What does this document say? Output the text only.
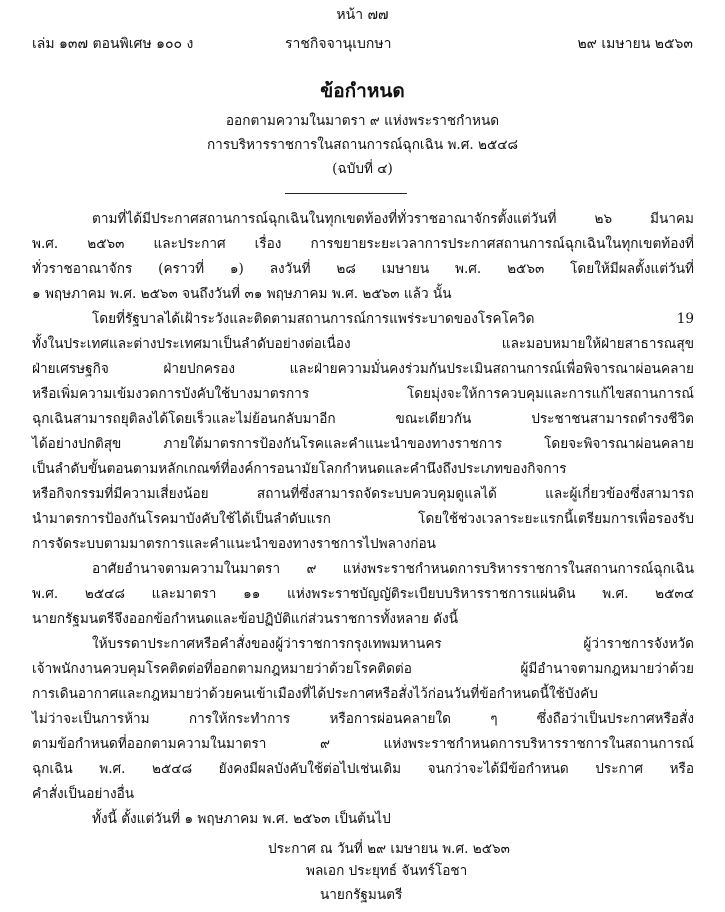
หน้า ๗๗
เล่ม ๑๓๗ ตอนพิเศษ ๑๐๐ ง	ราชกิจจานุเบกษา	๒๙ เมษายน ๒๕๖๓
ข้อกำหนด
ออกตามความในมาตรา ๙ แห่งพระราชกำหนด
การบริหารราชการในสถานการณ์ฉุกเฉิน พ.ศ. ๒๕๔๘
(ฉบับที่ ๔)
ตามที่ได้มีประกาศสถานการณ์ฉุกเฉินในทุกเขตท้องที่ทั่วราชอาณาจักรตั้งแต่วันที่ ๒๖ มีนาคม
พ.ศ. ๒๕๖๓ และประกาศ เรื่อง การขยายระยะเวลาการประกาศสถานการณ์ฉุกเฉินในทุกเขตท้องที่
ทั่วราชอาณาจักร (คราวที่ ๑) ลงวันที่ ๒๘ เมษายน พ.ศ. ๒๕๖๓ โดยให้มีผลตั้งแต่วันที่
๑ พฤษภาคม พ.ศ. ๒๕๖๓ จนถึงวันที่ ๓๑ พฤษภาคม พ.ศ. ๒๕๖๓ แล้ว นั้น
โดยที่รัฐบาลได้เฝ้าระวังและติดตามสถานการณ์การแพร่ระบาดของโรคโควิด 19
ทั้งในประเทศและต่างประเทศมาเป็นลำดับอย่างต่อเนื่อง และมอบหมายให้ฝ่ายสาธารณสุข
ฝ่ายเศรษฐกิจ ฝ่ายปกครอง และฝ่ายความมั่นคงร่วมกันประเมินสถานการณ์เพื่อพิจารณาผ่อนคลาย
หรือเพิ่มความเข้มงวดการบังคับใช้บางมาตรการ โดยมุ่งจะให้การควบคุมและการแก้ไขสถานการณ์
ฉุกเฉินสามารถยุติลงได้โดยเร็วและไม่ย้อนกลับมาอีก ขณะเดียวกัน ประชาชนสามารถดำรงชีวิต
ได้อย่างปกติสุข ภายใต้มาตรการป้องกันโรคและคำแนะนำของทางราชการ โดยจะพิจารณาผ่อนคลาย
เป็นลำดับขั้นตอนตามหลักเกณฑ์ที่องค์การอนามัยโลกกำหนดและคำนึงถึงประเภทของกิจการ
หรือกิจกรรมที่มีความเสี่ยงน้อย สถานที่ซึ่งสามารถจัดระบบควบคุมดูแลได้ และผู้เกี่ยวข้องซึ่งสามารถ
นำมาตรการป้องกันโรคมาบังคับใช้ได้เป็นลำดับแรก โดยใช้ช่วงเวลาระยะแรกนี้เตรียมการเพื่อรองรับ
การจัดระบบตามมาตรการและคำแนะนำของทางราชการไปพลางก่อน
อาศัยอำนาจตามความในมาตรา ๙ แห่งพระราชกำหนดการบริหารราชการในสถานการณ์ฉุกเฉิน
พ.ศ. ๒๕๔๘ และมาตรา ๑๑ แห่งพระราชบัญญัติระเบียบบริหารราชการแผ่นดิน พ.ศ. ๒๕๓๔
นายกรัฐมนตรีจึงออกข้อกำหนดและข้อปฏิบัติแก่ส่วนราชการทั้งหลาย ดังนี้
ให้บรรดาประกาศหรือคำสั่งของผู้ว่าราชการกรุงเทพมหานคร ผู้ว่าราชการจังหวัด
เจ้าพนักงานควบคุมโรคติดต่อที่ออกตามกฎหมายว่าด้วยโรคติดต่อ ผู้มีอำนาจตามกฎหมายว่าด้วย
การเดินอากาศและกฎหมายว่าด้วยคนเข้าเมืองที่ได้ประกาศหรือสั่งไว้ก่อนวันที่ข้อกำหนดนี้ใช้บังคับ
ไม่ว่าจะเป็นการห้าม การให้กระทำการ หรือการผ่อนคลายใด ๆ ซึ่งถือว่าเป็นประกาศหรือสั่ง
ตามข้อกำหนดที่ออกตามความในมาตรา ๙ แห่งพระราชกำหนดการบริหารราชการในสถานการณ์
ฉุกเฉิน พ.ศ. ๒๕๔๘ ยังคงมีผลบังคับใช้ต่อไปเช่นเดิม จนกว่าจะได้มีข้อกำหนด ประกาศ หรือ
คำสั่งเป็นอย่างอื่น
ทั้งนี้ ตั้งแต่วันที่ ๑ พฤษภาคม พ.ศ. ๒๕๖๓ เป็นต้นไป
ประกาศ ณ วันที่ ๒๙ เมษายน พ.ศ. ๒๕๖๓
พลเอก ประยุทธ์ จันทร์โอชา
นายกรัฐมนตรี
